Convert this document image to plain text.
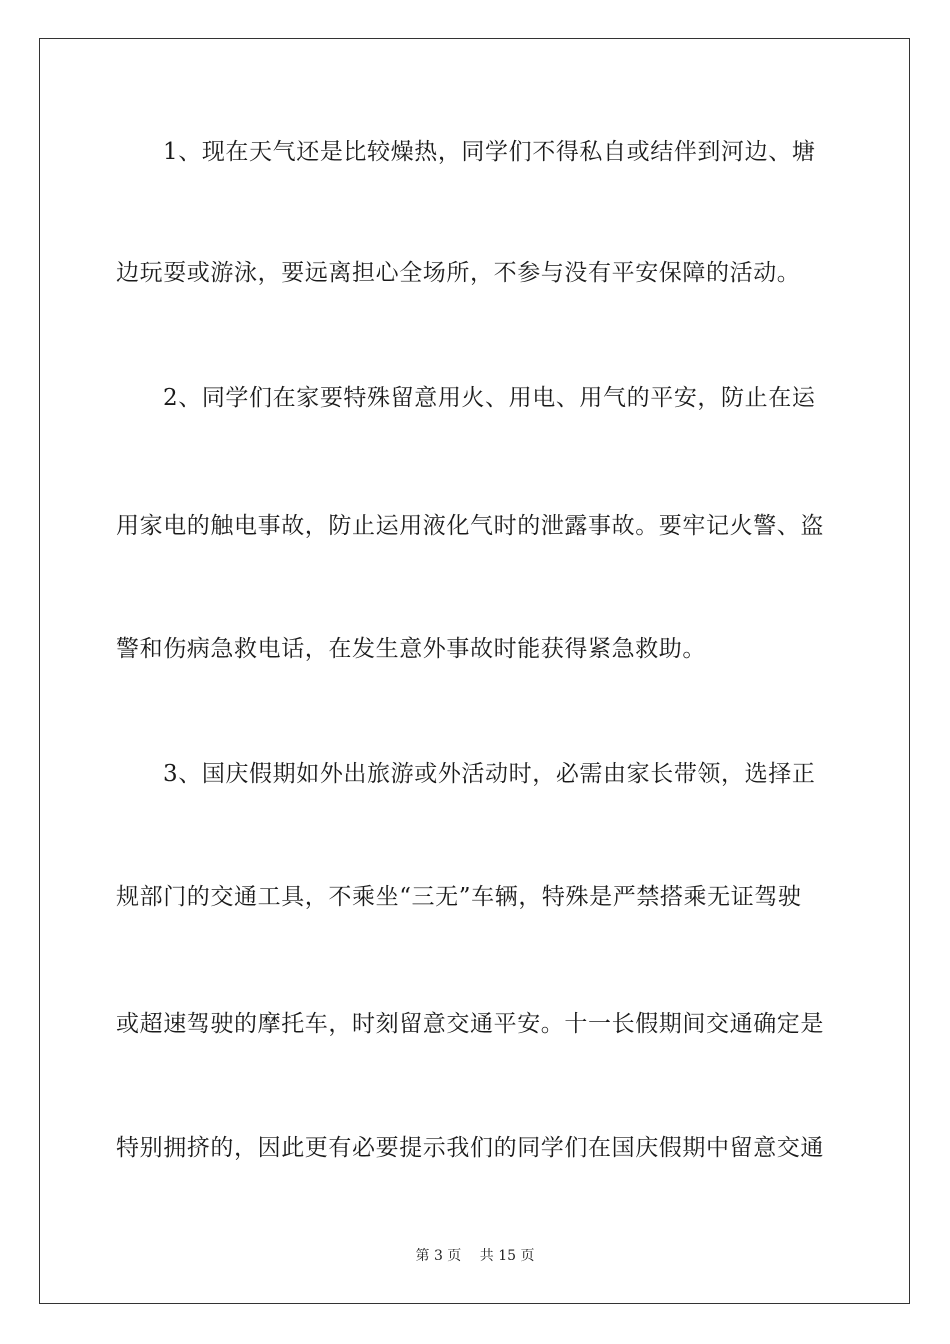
1、现在天气还是比较燥热，同学们不得私自或结伴到河边、塘
边玩耍或游泳，要远离担心全场所，不参与没有平安保障的活动。
2、同学们在家要特殊留意用火、用电、用气的平安，防止在运
用家电的触电事故，防止运用液化气时的泄露事故。要牢记火警、盗
警和伤病急救电话，在发生意外事故时能获得紧急救助。
3、国庆假期如外出旅游或外活动时，必需由家长带领，选择正
规部门的交通工具，不乘坐“三无”车辆，特殊是严禁搭乘无证驾驶
或超速驾驶的摩托车，时刻留意交通平安。十一长假期间交通确定是
特别拥挤的，因此更有必要提示我们的同学们在国庆假期中留意交通
第 3 页　 共 15 页
